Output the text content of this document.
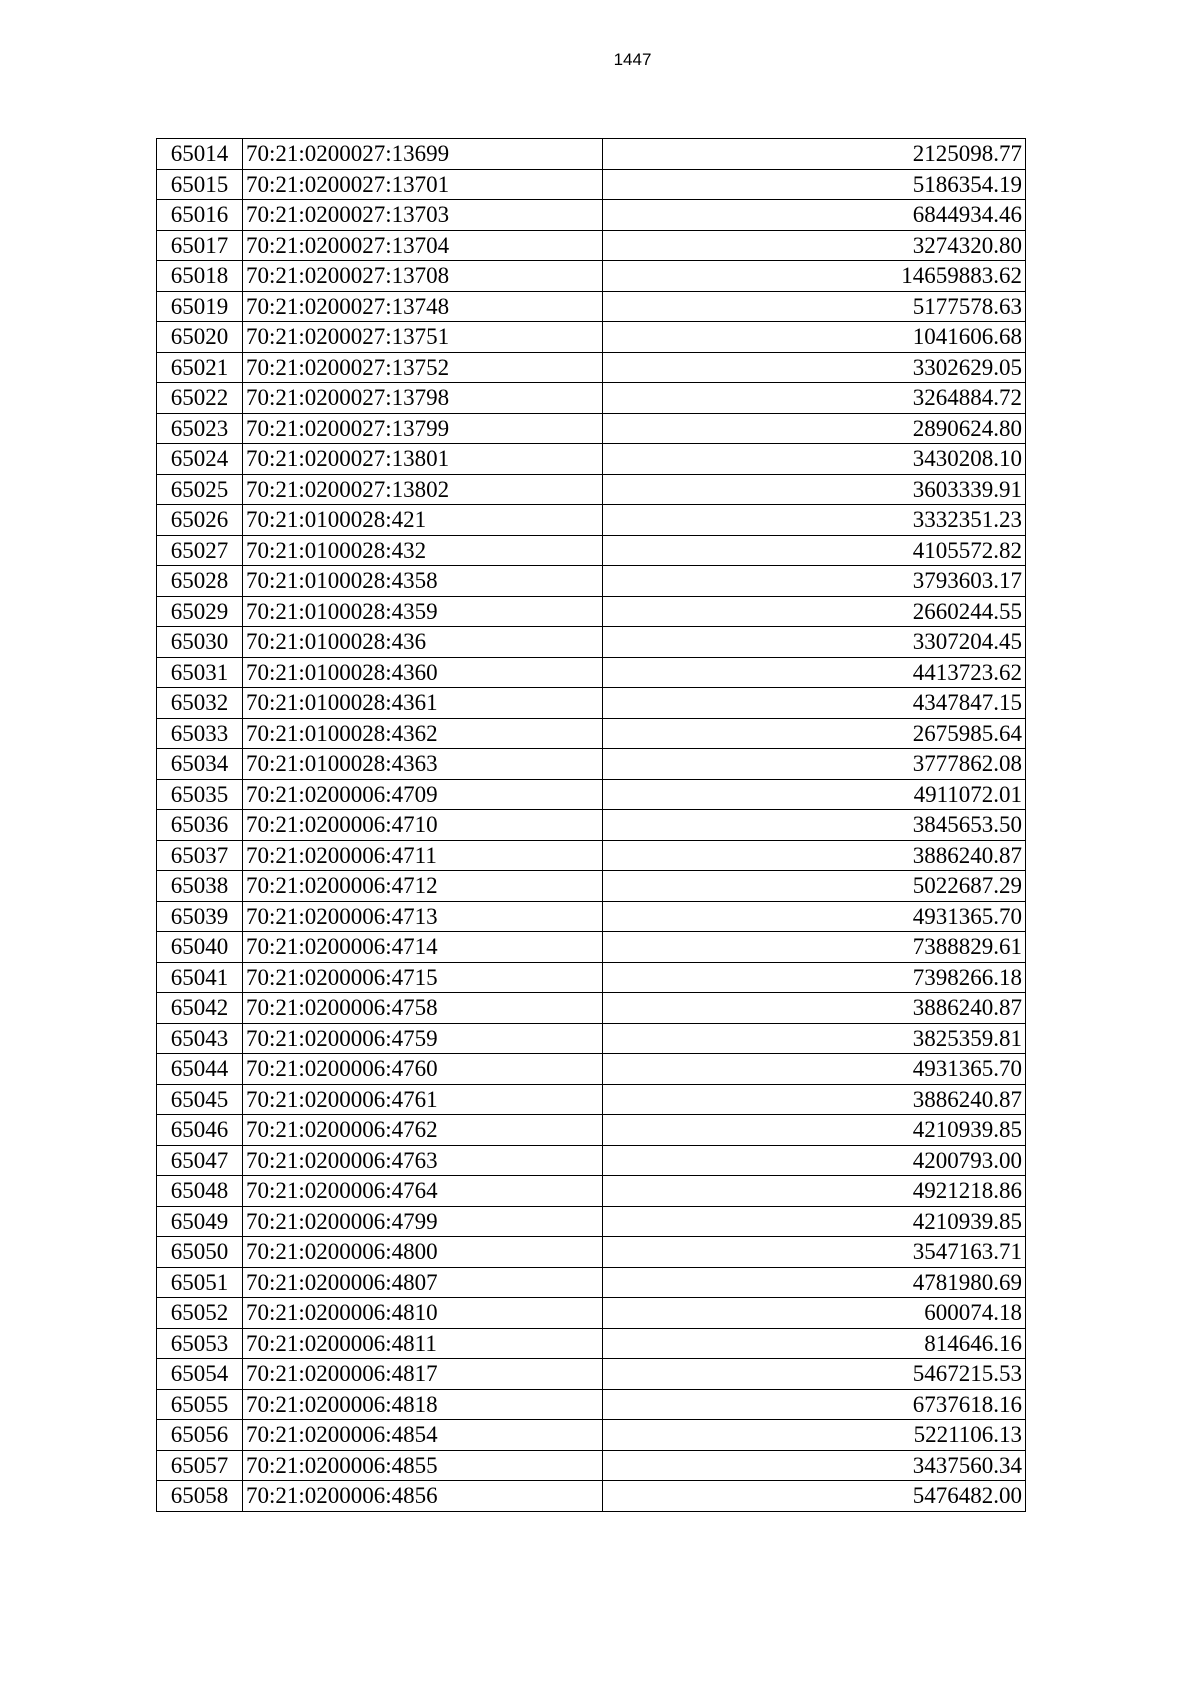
1447
65014	70:21:0200027:13699	2125098.77
65015	70:21:0200027:13701	5186354.19
65016	70:21:0200027:13703	6844934.46
65017	70:21:0200027:13704	3274320.80
65018	70:21:0200027:13708	14659883.62
65019	70:21:0200027:13748	5177578.63
65020	70:21:0200027:13751	1041606.68
65021	70:21:0200027:13752	3302629.05
65022	70:21:0200027:13798	3264884.72
65023	70:21:0200027:13799	2890624.80
65024	70:21:0200027:13801	3430208.10
65025	70:21:0200027:13802	3603339.91
65026	70:21:0100028:421	3332351.23
65027	70:21:0100028:432	4105572.82
65028	70:21:0100028:4358	3793603.17
65029	70:21:0100028:4359	2660244.55
65030	70:21:0100028:436	3307204.45
65031	70:21:0100028:4360	4413723.62
65032	70:21:0100028:4361	4347847.15
65033	70:21:0100028:4362	2675985.64
65034	70:21:0100028:4363	3777862.08
65035	70:21:0200006:4709	4911072.01
65036	70:21:0200006:4710	3845653.50
65037	70:21:0200006:4711	3886240.87
65038	70:21:0200006:4712	5022687.29
65039	70:21:0200006:4713	4931365.70
65040	70:21:0200006:4714	7388829.61
65041	70:21:0200006:4715	7398266.18
65042	70:21:0200006:4758	3886240.87
65043	70:21:0200006:4759	3825359.81
65044	70:21:0200006:4760	4931365.70
65045	70:21:0200006:4761	3886240.87
65046	70:21:0200006:4762	4210939.85
65047	70:21:0200006:4763	4200793.00
65048	70:21:0200006:4764	4921218.86
65049	70:21:0200006:4799	4210939.85
65050	70:21:0200006:4800	3547163.71
65051	70:21:0200006:4807	4781980.69
65052	70:21:0200006:4810	600074.18
65053	70:21:0200006:4811	814646.16
65054	70:21:0200006:4817	5467215.53
65055	70:21:0200006:4818	6737618.16
65056	70:21:0200006:4854	5221106.13
65057	70:21:0200006:4855	3437560.34
65058	70:21:0200006:4856	5476482.00
